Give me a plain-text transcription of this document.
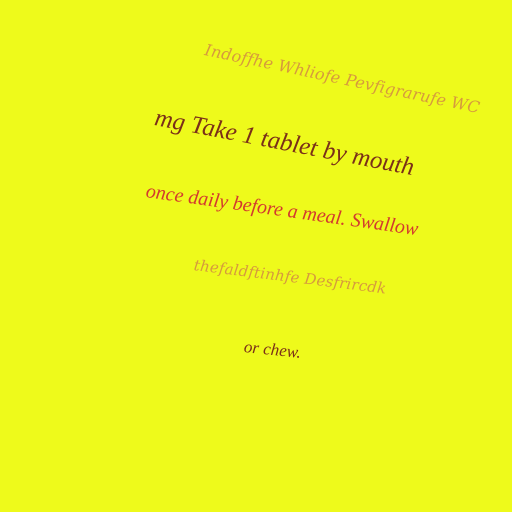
Indoffhe Whliofe Pevfigrarufe WC
mg Take 1 tablet by mouth
once daily before a meal. Swallow
thefaldftinhfe Desfrircdk
or chew.
